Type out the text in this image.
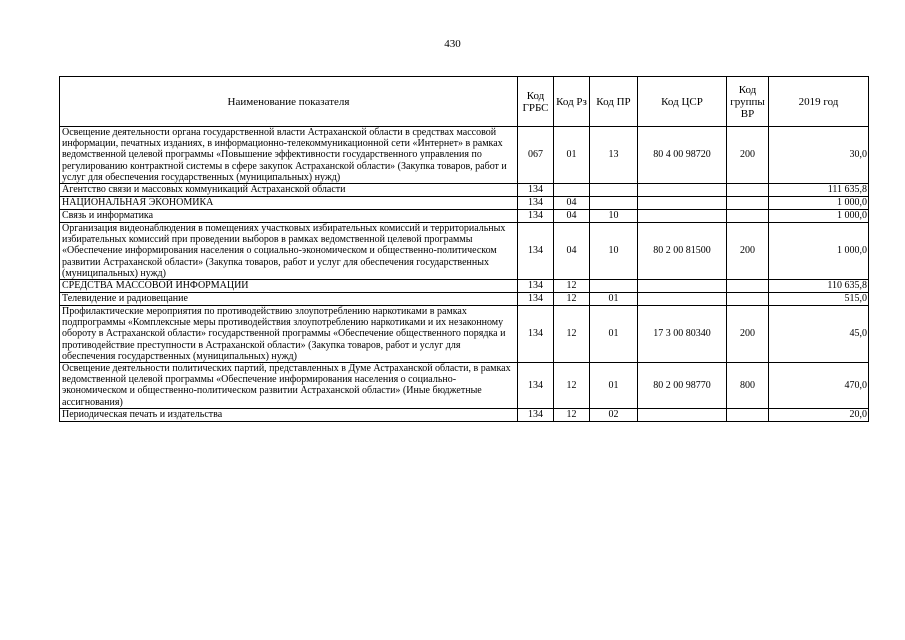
430
Наименование показателя	Код ГРБС	Код Рз	Код ПР	Код ЦСР	Код группы ВР	2019 год
Освещение деятельности органа государственной власти Астраханской области в средствах массовой информации, печатных изданиях, в информационно-телекоммуникационной сети «Интернет» в рамках ведомственной целевой программы «Повышение эффективности государственного управления по регулированию контрактной системы в сфере закупок Астраханской области» (Закупка товаров, работ и услуг для обеспечения государственных (муниципальных) нужд)	067	01	13	80 4 00 98720	200	30,0
Агентство связи и массовых коммуникаций Астраханской области	134					111 635,8
НАЦИОНАЛЬНАЯ ЭКОНОМИКА	134	04				1 000,0
Связь и информатика	134	04	10			1 000,0
Организация видеонаблюдения в помещениях участковых избирательных комиссий и территориальных избирательных комиссий при проведении выборов в рамках ведомственной целевой программы «Обеспечение информирования населения о социально-экономическом и общественно-политическом развитии Астраханской области» (Закупка товаров, работ и услуг для обеспечения государственных (муниципальных) нужд)	134	04	10	80 2 00 81500	200	1 000,0
СРЕДСТВА МАССОВОЙ ИНФОРМАЦИИ	134	12				110 635,8
Телевидение и радиовещание	134	12	01			515,0
Профилактические мероприятия по противодействию злоупотреблению наркотиками в рамках подпрограммы «Комплексные меры противодействия злоупотреблению наркотиками и их незаконному обороту в Астраханской области» государственной программы «Обеспечение общественного порядка и противодействие преступности в Астраханской области» (Закупка товаров, работ и услуг для обеспечения государственных (муниципальных) нужд)	134	12	01	17 3 00 80340	200	45,0
Освещение деятельности политических партий, представленных в Думе Астраханской области, в рамках ведомственной целевой программы «Обеспечение информирования населения о социально-экономическом и общественно-политическом развитии Астраханской области» (Иные бюджетные ассигнования)	134	12	01	80 2 00 98770	800	470,0
Периодическая печать и издательства	134	12	02			20,0
